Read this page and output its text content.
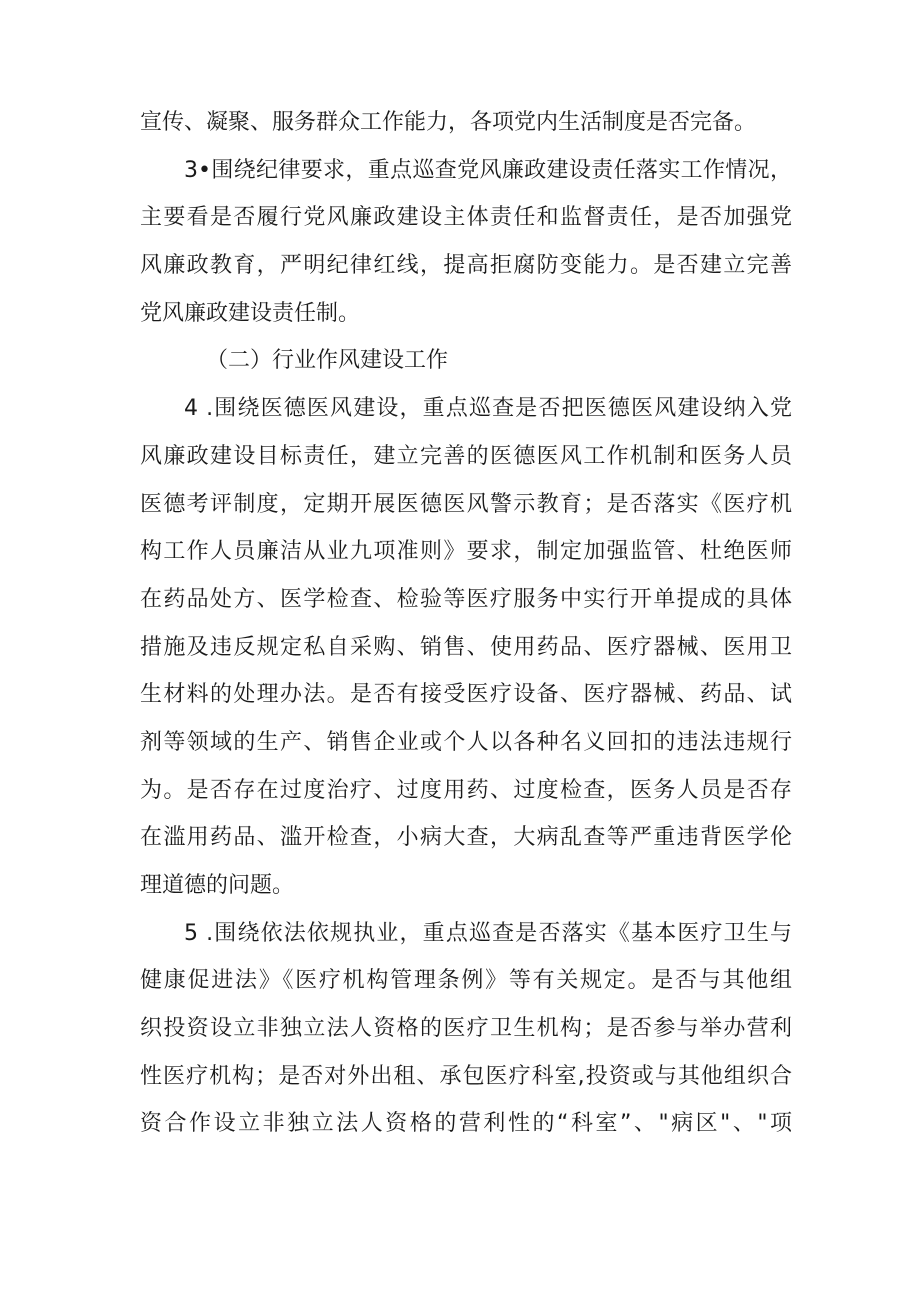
宣传、凝聚、服务群众工作能力，各项党内生活制度是否完备。
3•围绕纪律要求，重点巡查党风廉政建设责任落实工作情况，
主要看是否履行党风廉政建设主体责任和监督责任，是否加强党
风廉政教育，严明纪律红线，提高拒腐防变能力。是否建立完善
党风廉政建设责任制。
（二）行业作风建设工作
4 .围绕医德医风建设，重点巡查是否把医德医风建设纳入党
风廉政建设目标责任，建立完善的医德医风工作机制和医务人员
医德考评制度，定期开展医德医风警示教育；是否落实《医疗机
构工作人员廉洁从业九项准则》要求，制定加强监管、杜绝医师
在药品处方、医学检查、检验等医疗服务中实行开单提成的具体
措施及违反规定私自采购、销售、使用药品、医疗器械、医用卫
生材料的处理办法。是否有接受医疗设备、医疗器械、药品、试
剂等领域的生产、销售企业或个人以各种名义回扣的违法违规行
为。是否存在过度治疗、过度用药、过度检查，医务人员是否存
在滥用药品、滥开检查，小病大查，大病乱查等严重违背医学伦
理道德的问题。
5 .围绕依法依规执业，重点巡查是否落实《基本医疗卫生与
健康促进法》《医疗机构管理条例》等有关规定。是否与其他组
织投资设立非独立法人资格的医疗卫生机构；是否参与举办营利
性医疗机构；是否对外出租、承包医疗科室,投资或与其他组织合
资合作设立非独立法人资格的营利性的“科室”、"病区"、"项
